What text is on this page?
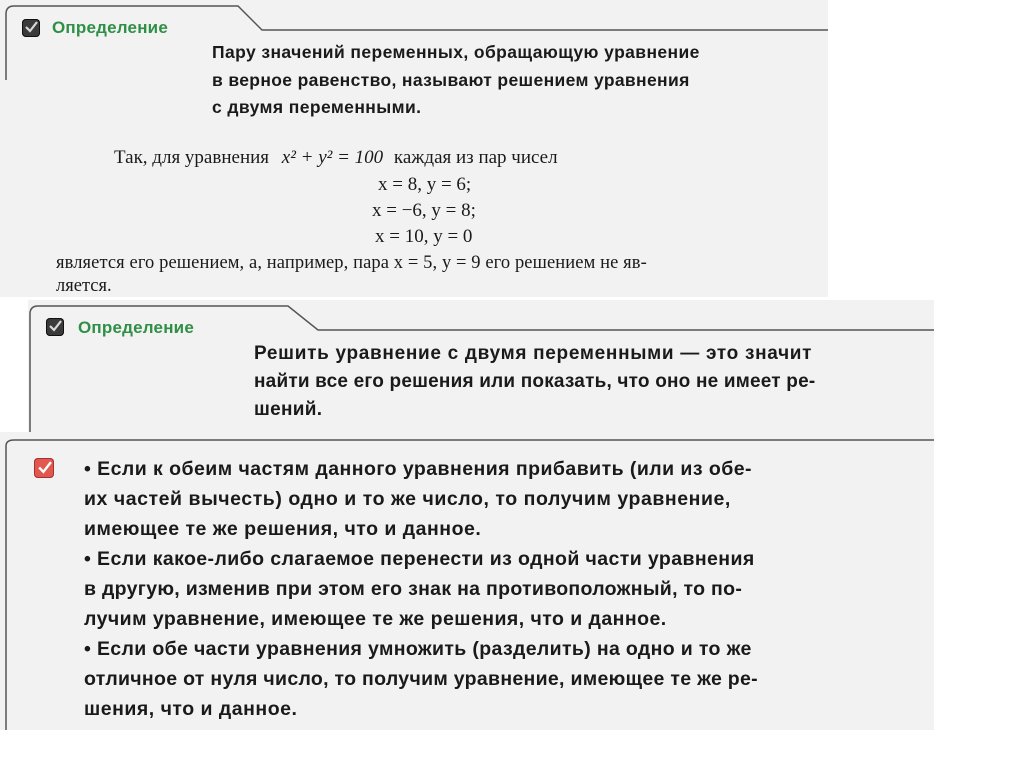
Определение
Пару значений переменных, обращающую уравнение
в верное равенство, называют решением уравнения
с двумя переменными.
Так, для уравнения x² + y² = 100 каждая из пар чисел
x = 8, y = 6;
x = −6, y = 8;
x = 10, y = 0
является его решением, а, например, пара x = 5, y = 9 его решением не яв-
ляется.
Определение
Решить уравнение с двумя переменными — это значит
найти все его решения или показать, что оно не имеет ре-
шений.
• Если к обеим частям данного уравнения прибавить (или из обе-
их частей вычесть) одно и то же число, то получим уравнение,
имеющее те же решения, что и данное.
• Если какое-либо слагаемое перенести из одной части уравнения
в другую, изменив при этом его знак на противоположный, то по-
лучим уравнение, имеющее те же решения, что и данное.
• Если обе части уравнения умножить (разделить) на одно и то же
отличное от нуля число, то получим уравнение, имеющее те же ре-
шения, что и данное.
